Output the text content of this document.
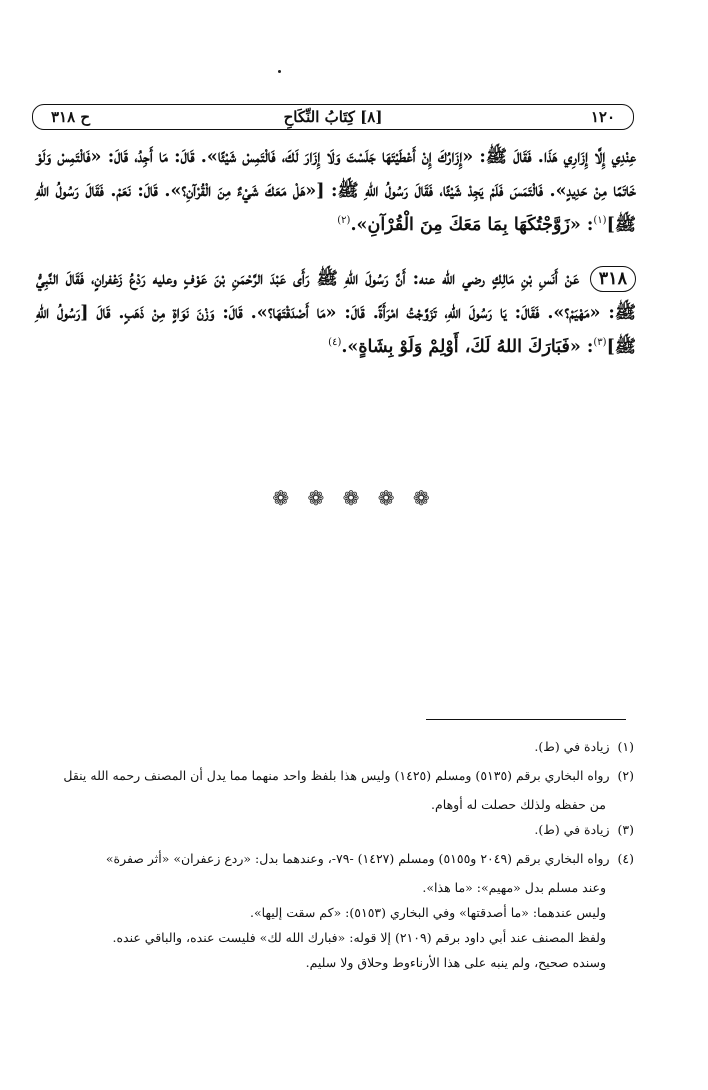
١٢٠
[٨] كِتَابُ النِّكَاحِ
ح ٣١٨

عِنْدِي إِلَّا إِزَارِي هَذَا. فَقَالَ ﷺ: «إِزَارُكَ إِنْ أَعْطَيْتَهَا جَلَسْتَ وَلَا إِزَارَ لَكَ، فَالْتَمِسْ شَيْئًا». قَالَ: مَا أَجِدُ، قَالَ: «فَالْتَمِسْ وَلَوْ خَاتَمًا مِنْ حَدِيدٍ». فَالْتَمَسَ فَلَمْ يَجِدْ شَيْئًا، فَقَالَ رَسُولُ اللهِ ﷺ: [«هَلْ مَعَكَ شَيْءٌ مِنَ الْقُرْآنِ؟». قَالَ: نَعَمْ. فَقَالَ رَسُولُ اللهِ ﷺ]$^{(١)}$: «زَوَّجْتُكَهَا بِمَا مَعَكَ مِنَ الْقُرْآنِ».$^{(٢)}$

٣١٨ عَنْ أَنَسِ بْنِ مَالِكٍ رضي الله عنه: أَنَّ رَسُولَ اللهِ ﷺ رَأَى عَبْدَ الرَّحْمَنِ بْنَ عَوْفٍ وعليه رَدْعُ زَعْفرانٍ، فَقَالَ النَّبِيُّ ﷺ: «مَهْيَمْ؟». فَقَالَ: يَا رَسُولَ اللهِ، تَزَوَّجْتُ امْرَأَةً. قَالَ: «مَا أَصْدَقْتَهَا؟». قَالَ: وَزْنَ نَوَاةٍ مِنْ ذَهَبٍ. قَالَ [رَسُولُ اللهِ ﷺ]$^{(٣)}$: «فَبَارَكَ اللهُ لَكَ، أَوْلِمْ وَلَوْ بِشَاةٍ».$^{(٤)}$

❁ ❁ ❁ ❁ ❁
(١)
زيادة في (ط).
(٢)
رواه البخاري برقم (٥١٣٥) ومسلم (١٤٢٥) وليس هذا بلفظ واحد منهما مما يدل أن المصنف رحمه الله ينقل

من حفظه ولذلك حصلت له أوهام.

(٣)
زيادة في (ط).
(٤)
رواه البخاري برقم (٢٠٤٩ و٥١٥٥) ومسلم (١٤٢٧) -٧٩-، وعندهما بدل: «ردع زعفران» «أثر صفرة»

وعند مسلم بدل «مهيم»: «ما هذا».

وليس عندهما: «ما أصدقتها» وفي البخاري (٥١٥٣): «كم سقت إليها».

ولفظ المصنف عند أبي داود برقم (٢١٠٩) إلا قوله: «فبارك الله لك» فليست عنده، والباقي عنده.

وسنده صحيح، ولم ينبه على هذا الأرناءوط وحلاق ولا سليم.
